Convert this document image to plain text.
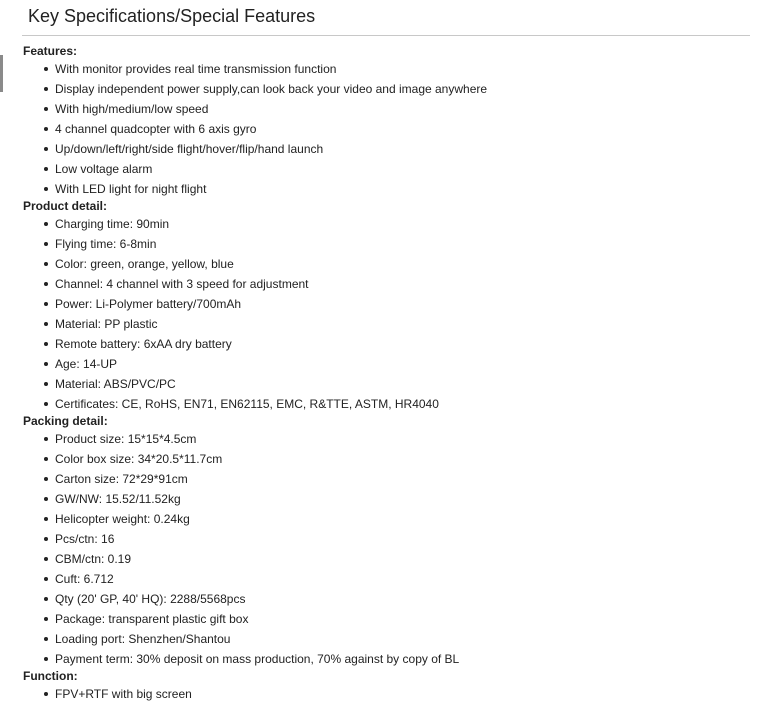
Key Specifications/Special Features
Features:
With monitor provides real time transmission function
Display independent power supply,can look back your video and image anywhere
With high/medium/low speed
4 channel quadcopter with 6 axis gyro
Up/down/left/right/side flight/hover/flip/hand launch
Low voltage alarm
With LED light for night flight
Product detail:
Charging time: 90min
Flying time: 6-8min
Color: green, orange, yellow, blue
Channel: 4 channel with 3 speed for adjustment
Power: Li-Polymer battery/700mAh
Material: PP plastic
Remote battery: 6xAA dry battery
Age: 14-UP
Material: ABS/PVC/PC
Certificates: CE, RoHS, EN71, EN62115, EMC, R&TTE, ASTM, HR4040
Packing detail:
Product size: 15*15*4.5cm
Color box size: 34*20.5*11.7cm
Carton size: 72*29*91cm
GW/NW: 15.52/11.52kg
Helicopter weight: 0.24kg
Pcs/ctn: 16
CBM/ctn: 0.19
Cuft: 6.712
Qty (20' GP, 40' HQ): 2288/5568pcs
Package: transparent plastic gift box
Loading port: Shenzhen/Shantou
Payment term: 30% deposit on mass production, 70% against by copy of BL
Function:
FPV+RTF with big screen
